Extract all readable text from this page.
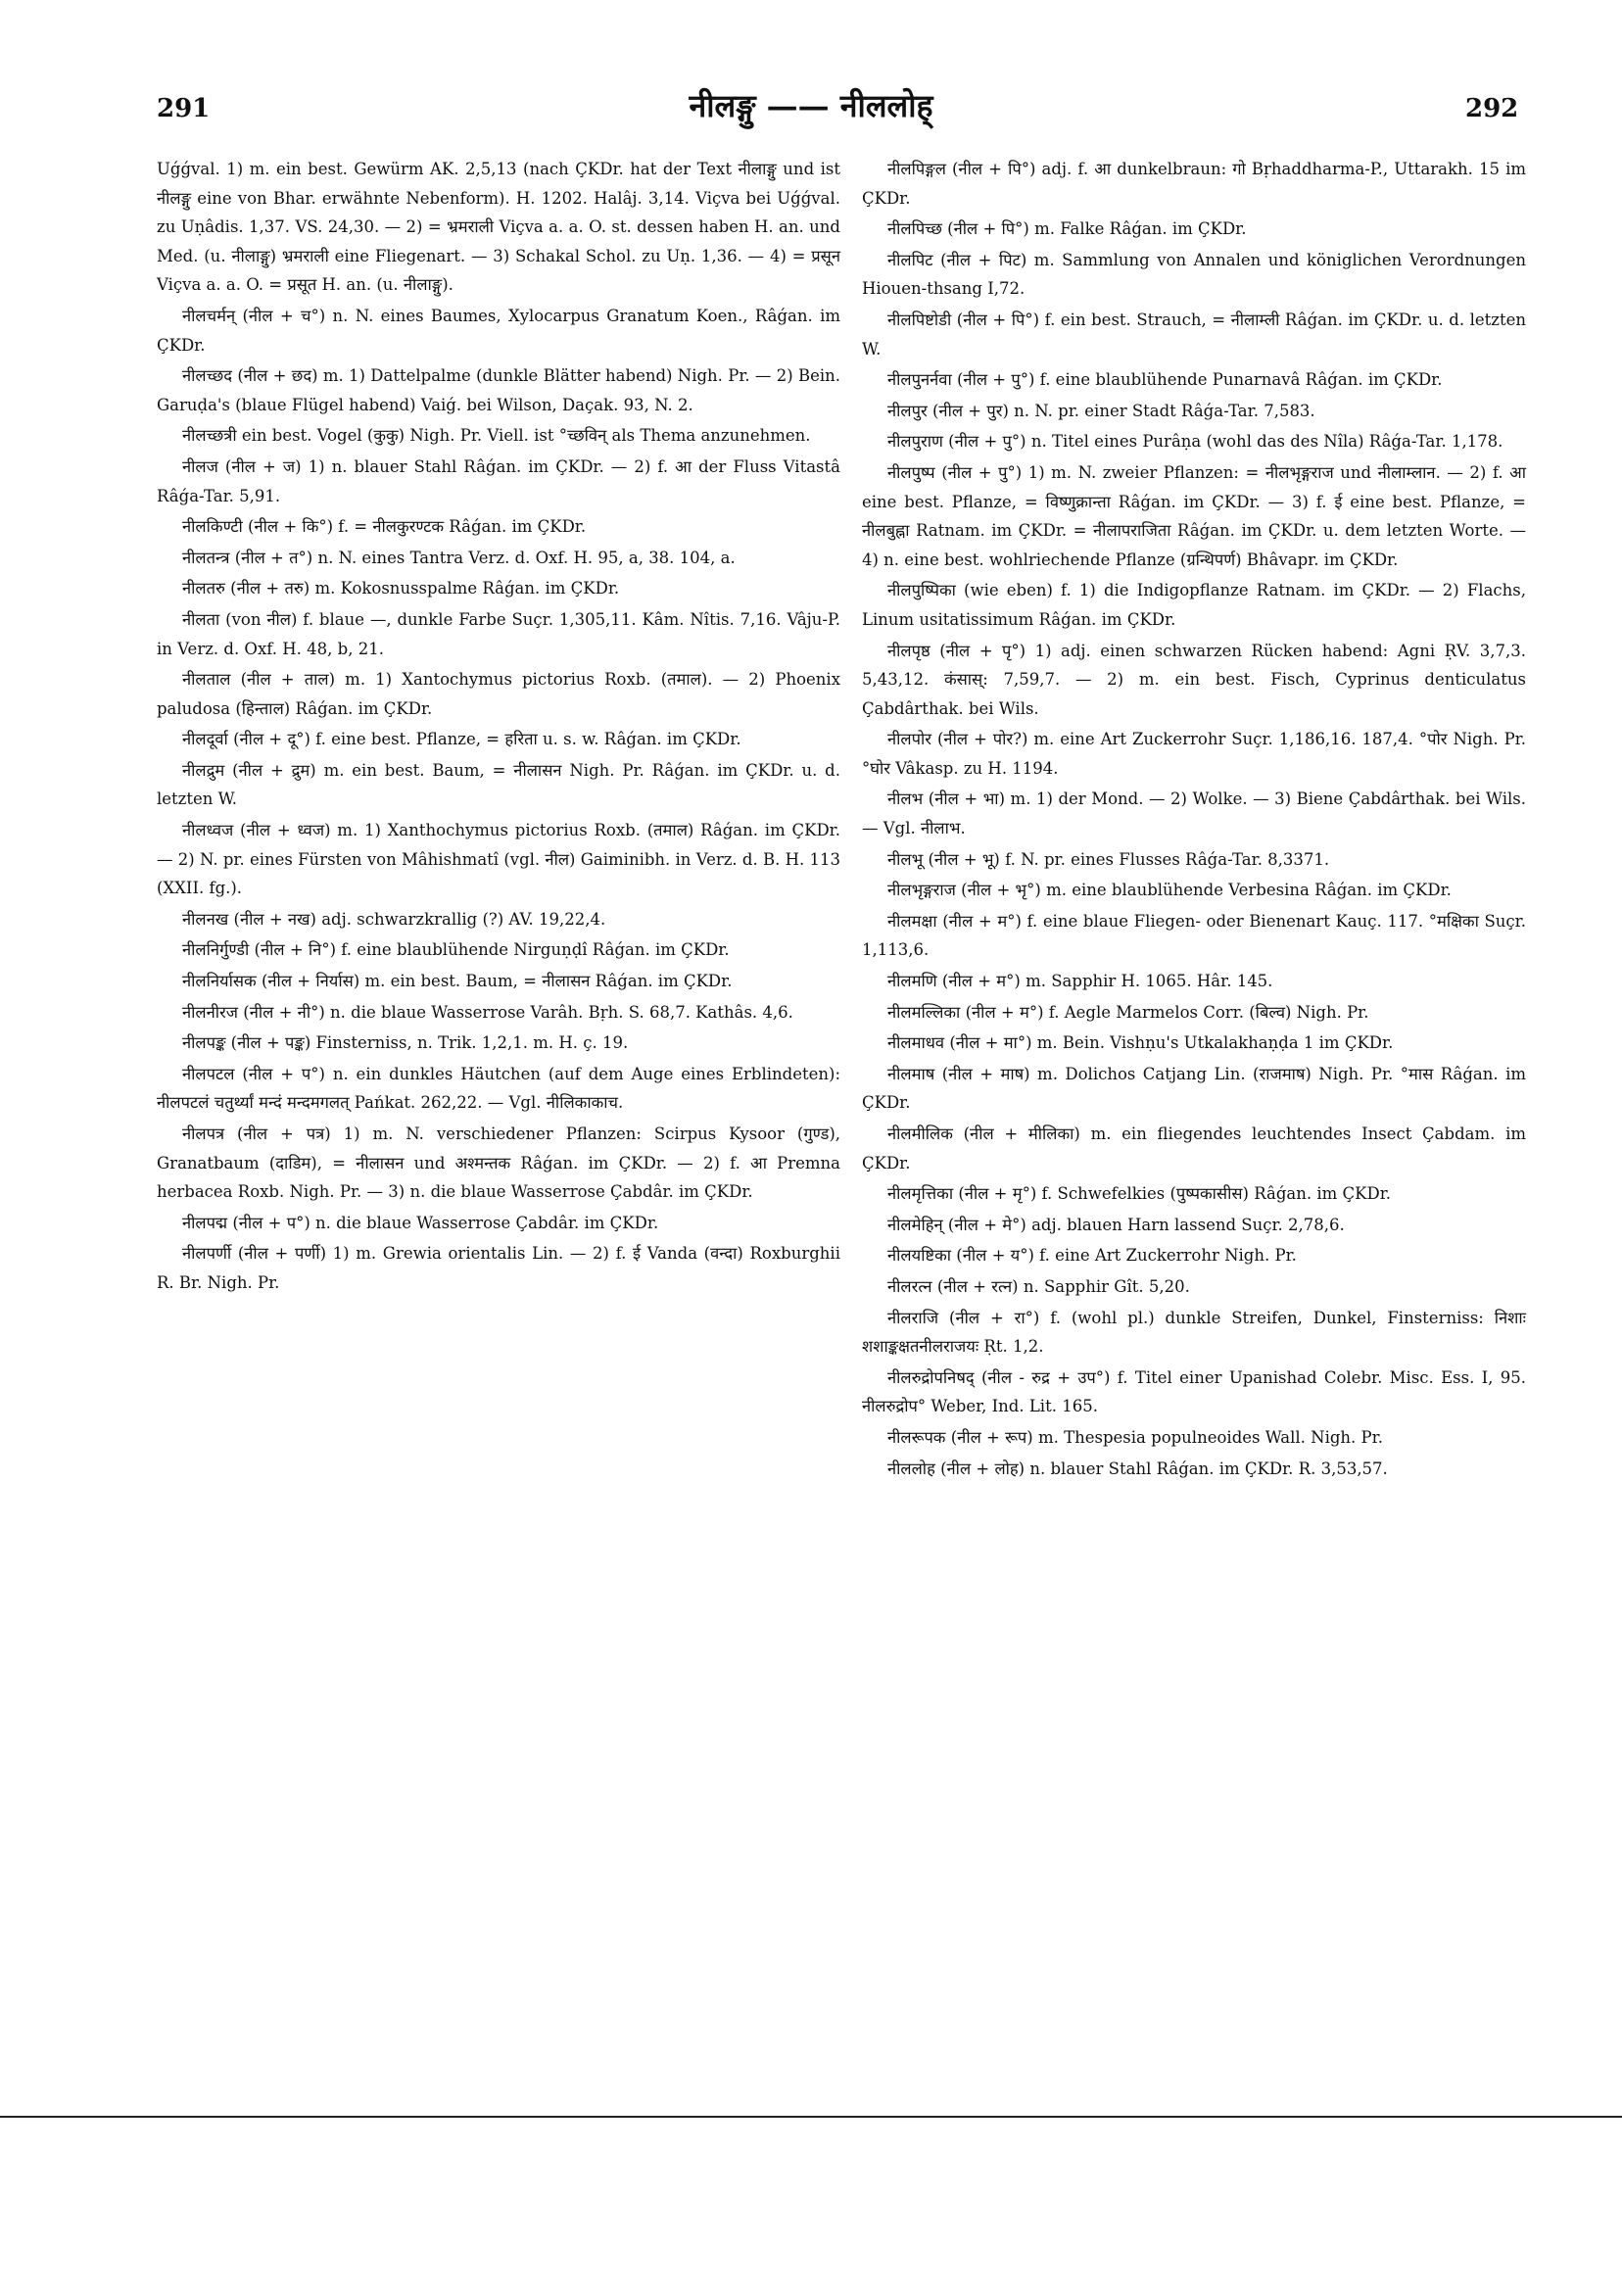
291	नीलङ्गु —— नीललोह्	292

Uǵǵval. 1) m. ein best. Gewürm AK. 2,5,13 (nach ÇKDr. hat der Text नीलाङ्गु und ist नीलङ्गु eine von Bhar. erwähnte Nebenform). H. 1202. Halâj. 3,14. Viçva bei Uǵǵval. zu Uṇâdis. 1,37. VS. 24,30. — 2) = भ्रमराली Viçva a. a. O. st. dessen haben H. an. und Med. (u. नीलाङ्गु) भ्रमराली eine Fliegenart. — 3) Schakal Schol. zu Uṇ. 1,36. — 4) = प्रसून Viçva a. a. O. = प्रसूत H. an. (u. नीलाङ्गु).

नीलचर्मन् (नील + च°) n. N. eines Baumes, Xylocarpus Granatum Koen., Râǵan. im ÇKDr.

नीलच्छद (नील + छद) m. 1) Dattelpalme (dunkle Blätter habend) Nigh. Pr. — 2) Bein. Garuḍa's (blaue Flügel habend) Vaiǵ. bei Wilson, Daçak. 93, N. 2.

नीलच्छत्री ein best. Vogel (कुकु) Nigh. Pr. Viell. ist °च्छविन् als Thema anzunehmen.

नीलज (नील + ज) 1) n. blauer Stahl Râǵan. im ÇKDr. — 2) f. आ der Fluss Vitastâ Râǵa-Tar. 5,91.

नीलकिण्टी (नील + कि°) f. = नीलकुरण्टक Râǵan. im ÇKDr.

नीलतन्त्र (नील + त°) n. N. eines Tantra Verz. d. Oxf. H. 95, a, 38. 104, a.

नीलतरु (नील + तरु) m. Kokosnusspalme Râǵan. im ÇKDr.

नीलता (von नील) f. blaue —, dunkle Farbe Suçr. 1,305,11. Kâm. Nîtis. 7,16. Vâju-P. in Verz. d. Oxf. H. 48, b, 21.

नीलताल (नील + ताल) m. 1) Xantochymus pictorius Roxb. (तमाल). — 2) Phoenix paludosa (हिन्ताल) Râǵan. im ÇKDr.

नीलदूर्वा (नील + दू°) f. eine best. Pflanze, = हरिता u. s. w. Râǵan. im ÇKDr.

नीलद्रुम (नील + द्रुम) m. ein best. Baum, = नीलासन Nigh. Pr. Râǵan. im ÇKDr. u. d. letzten W.

नीलध्वज (नील + ध्वज) m. 1) Xanthochymus pictorius Roxb. (तमाल) Râǵan. im ÇKDr. — 2) N. pr. eines Fürsten von Mâhishmatî (vgl. नील) Gaiminibh. in Verz. d. B. H. 113 (XXII. fg.).

नीलनख (नील + नख) adj. schwarzkrallig (?) AV. 19,22,4.

नीलनिर्गुण्डी (नील + नि°) f. eine blaublühende Nirguṇḍî Râǵan. im ÇKDr.

नीलनिर्यासक (नील + निर्यास) m. ein best. Baum, = नीलासन Râǵan. im ÇKDr.

नीलनीरज (नील + नी°) n. die blaue Wasserrose Varâh. Bṛh. S. 68,7. Kathâs. 4,6.

नीलपङ्क (नील + पङ्क) Finsterniss, n. Trik. 1,2,1. m. H. ç. 19.

नीलपटल (नील + प°) n. ein dunkles Häutchen (auf dem Auge eines Erblindeten): नीलपटलं चतुर्थ्यां मन्दं मन्दमगलत् Pańkat. 262,22. — Vgl. नीलिकाकाच.

नीलपत्र (नील + पत्र) 1) m. N. verschiedener Pflanzen: Scirpus Kysoor (गुण्ड), Granatbaum (दाडिम), = नीलासन und अश्मन्तक Râǵan. im ÇKDr. — 2) f. आ Premna herbacea Roxb. Nigh. Pr. — 3) n. die blaue Wasserrose Çabdâr. im ÇKDr.

नीलपद्म (नील + प°) n. die blaue Wasserrose Çabdâr. im ÇKDr.

नीलपर्णी (नील + पर्णी) 1) m. Grewia orientalis Lin. — 2) f. ई Vanda (वन्दा) Roxburghii R. Br. Nigh. Pr.

नीलपिङ्गल (नील + पि°) adj. f. आ dunkelbraun: गो Bṛhaddharma-P., Uttarakh. 15 im ÇKDr.

नीलपिच्छ (नील + पि°) m. Falke Râǵan. im ÇKDr.

नीलपिट (नील + पिट) m. Sammlung von Annalen und königlichen Verordnungen Hiouen-thsang I,72.

नीलपिष्टोडी (नील + पि°) f. ein best. Strauch, = नीलाम्ली Râǵan. im ÇKDr. u. d. letzten W.

नीलपुनर्नवा (नील + पु°) f. eine blaublühende Punarnavâ Râǵan. im ÇKDr.

नीलपुर (नील + पुर) n. N. pr. einer Stadt Râǵa-Tar. 7,583.

नीलपुराण (नील + पु°) n. Titel eines Purâṇa (wohl das des Nîla) Râǵa-Tar. 1,178.

नीलपुष्प (नील + पु°) 1) m. N. zweier Pflanzen: = नीलभृङ्गराज und नीलाम्लान. — 2) f. आ eine best. Pflanze, = विष्णुक्रान्ता Râǵan. im ÇKDr. — 3) f. ई eine best. Pflanze, = नीलबुह्ना Ratnam. im ÇKDr. = नीलापराजिता Râǵan. im ÇKDr. u. dem letzten Worte. — 4) n. eine best. wohlriechende Pflanze (ग्रन्थिपर्ण) Bhâvapr. im ÇKDr.

नीलपुष्पिका (wie eben) f. 1) die Indigopflanze Ratnam. im ÇKDr. — 2) Flachs, Linum usitatissimum Râǵan. im ÇKDr.

नीलपृष्ठ (नील + पृ°) 1) adj. einen schwarzen Rücken habend: Agni ṚV. 3,7,3. 5,43,12. कंसास्: 7,59,7. — 2) m. ein best. Fisch, Cyprinus denticulatus Çabdârthak. bei Wils.

नीलपोर (नील + पोर?) m. eine Art Zuckerrohr Suçr. 1,186,16. 187,4. °पोर Nigh. Pr. °घोर Vâkasp. zu H. 1194.

नीलभ (नील + भा) m. 1) der Mond. — 2) Wolke. — 3) Biene Çabdârthak. bei Wils. — Vgl. नीलाभ.

नीलभू (नील + भू) f. N. pr. eines Flusses Râǵa-Tar. 8,3371.

नीलभृङ्गराज (नील + भृ°) m. eine blaublühende Verbesina Râǵan. im ÇKDr.

नीलमक्षा (नील + म°) f. eine blaue Fliegen- oder Bienenart Kauç. 117. °मक्षिका Suçr. 1,113,6.

नीलमणि (नील + म°) m. Sapphir H. 1065. Hâr. 145.

नीलमल्लिका (नील + म°) f. Aegle Marmelos Corr. (बिल्व) Nigh. Pr.

नीलमाधव (नील + मा°) m. Bein. Vishṇu's Utkalakhaṇḍa 1 im ÇKDr.

नीलमाष (नील + माष) m. Dolichos Catjang Lin. (राजमाष) Nigh. Pr. °मास Râǵan. im ÇKDr.

नीलमीलिक (नील + मीलिका) m. ein fliegendes leuchtendes Insect Çabdam. im ÇKDr.

नीलमृत्तिका (नील + मृ°) f. Schwefelkies (पुष्पकासीस) Râǵan. im ÇKDr.

नीलमेहिन् (नील + मे°) adj. blauen Harn lassend Suçr. 2,78,6.

नीलयष्टिका (नील + य°) f. eine Art Zuckerrohr Nigh. Pr.

नीलरत्न (नील + रत्न) n. Sapphir Gît. 5,20.

नीलराजि (नील + रा°) f. (wohl pl.) dunkle Streifen, Dunkel, Finsterniss: निशाः शशाङ्कक्षतनीलराजयः Ṛt. 1,2.

नीलरुद्रोपनिषद् (नील - रुद्र + उप°) f. Titel einer Upanishad Colebr. Misc. Ess. I, 95. नीलरुद्रोप° Weber, Ind. Lit. 165.

नीलरूपक (नील + रूप) m. Thespesia populneoides Wall. Nigh. Pr.

नीललोह (नील + लोह) n. blauer Stahl Râǵan. im ÇKDr. R. 3,53,57.
